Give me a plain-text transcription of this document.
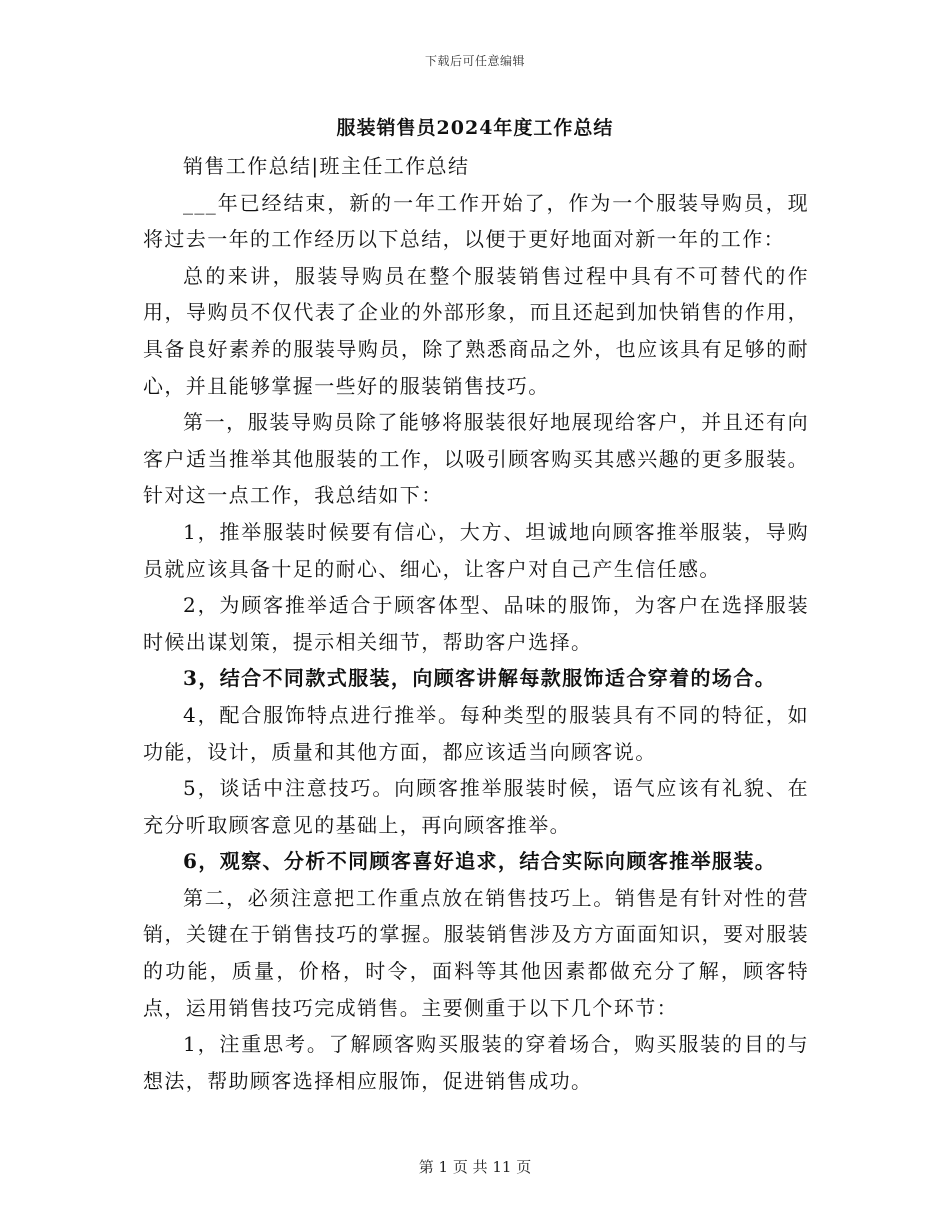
下载后可任意编辑
服装销售员2024年度工作总结

销售工作总结|班主任工作总结

___年已经结束，新的一年工作开始了，作为一个服装导购员，现将过去一年的工作经历以下总结，以便于更好地面对新一年的工作：

总的来讲，服装导购员在整个服装销售过程中具有不可替代的作用，导购员不仅代表了企业的外部形象，而且还起到加快销售的作用，具备良好素养的服装导购员，除了熟悉商品之外，也应该具有足够的耐心，并且能够掌握一些好的服装销售技巧。

第一，服装导购员除了能够将服装很好地展现给客户，并且还有向客户适当推举其他服装的工作，以吸引顾客购买其感兴趣的更多服装。针对这一点工作，我总结如下：

1，推举服装时候要有信心，大方、坦诚地向顾客推举服装，导购员就应该具备十足的耐心、细心，让客户对自己产生信任感。

2，为顾客推举适合于顾客体型、品味的服饰，为客户在选择服装时候出谋划策，提示相关细节，帮助客户选择。

3，结合不同款式服装，向顾客讲解每款服饰适合穿着的场合。

4，配合服饰特点进行推举。每种类型的服装具有不同的特征，如功能，设计，质量和其他方面，都应该适当向顾客说。

5，谈话中注意技巧。向顾客推举服装时候，语气应该有礼貌、在充分听取顾客意见的基础上，再向顾客推举。

6，观察、分析不同顾客喜好追求，结合实际向顾客推举服装。

第二，必须注意把工作重点放在销售技巧上。销售是有针对性的营销，关键在于销售技巧的掌握。服装销售涉及方方面面知识，要对服装的功能，质量，价格，时令，面料等其他因素都做充分了解，顾客特点，运用销售技巧完成销售。主要侧重于以下几个环节：

1，注重思考。了解顾客购买服装的穿着场合，购买服装的目的与想法，帮助顾客选择相应服饰，促进销售成功。

第 1 页 共 11 页
